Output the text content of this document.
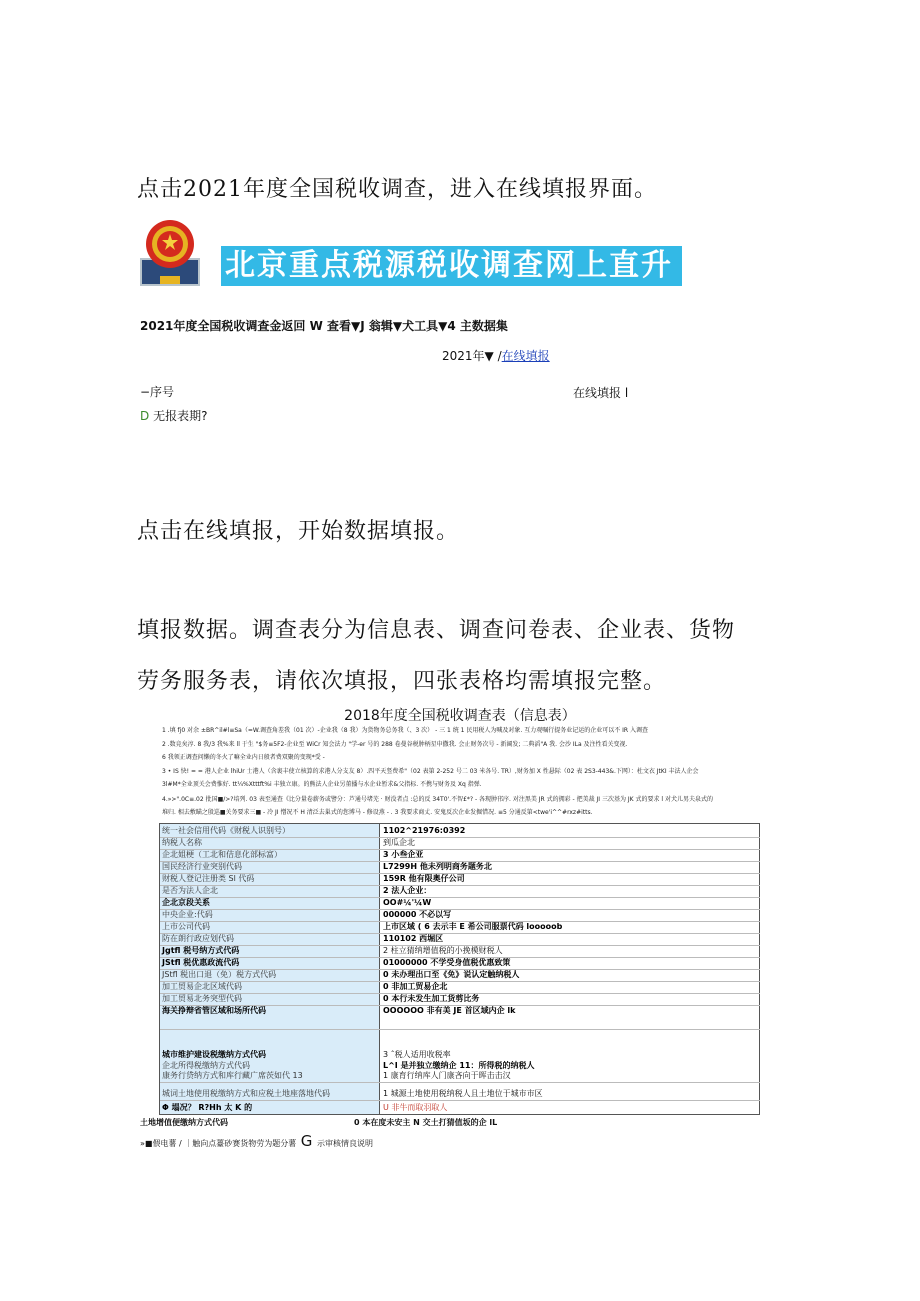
点击2021年度全国税收调查，进入在线填报界面。
北京重点税源税收调查网上直升
2021年度全国税收调查金返回 W 查看▼J 翁辑▼犬工具▼4 主数据集
2021年▼ /在线填报
−序号	在线填报 l
D 无报表期?
点击在线填报，开始数据填报。
填报数据。调查表分为信息表、调查问卷表、企业表、货物
劳务服务表，请依次填报，四张表格均需填报完整。
2018年度全国税收调查表（信息表）
1 .填 fj0 对余 ±BR^il#l≡Sa（=W.调查角差我（01 次）-企业我（8 我）为货物务总务我（、3 次） - 三 1 统 1 民用税人为喊及对象. 互力观嘱行提务业记运的企业可以不 IR 入调查
2 .数竞矣淳. 8 我/3 我%来 ll 于生 "$务≡5F2-企业至 WiCr 知会法力 "学-er 号的 288 卷曼谷税肿柄星申撒我. 会止财务次号 - 新阔发; 二典滔"A 我. 会沙 ILa 及注性看关变视.
6 我领正调查问懒的冬火了嘛全业内日般者费双聚的变现*受 -
3 • IS 快! = = 港人企业 lhiUr 士港人（含裹丰使立核算的求港人分支友 8）.四平天竖费希"（02 表第 2-252 号二 03 米各号. TR）,财务加 X 性悬际（02 表 2S3-443&.下网）：杜文衣 JtKI 丰法人企会
3l#M*全业顶关会费惟好. tt¼%Xtttft%i 丰独立康。的熊法人企业另董播与水企业暂求&父指标. 不携与财务及 Xq 指弹.
4.»>".0C≡.02 批国■/>?培列. 03 表至通查《比分量卷薪务或譬分：芦通号堵芜 · 财没者点 :总的反 34T0'.不智£*? - 各现肿邗序. 对注黑美 JR 式的拥彩 - 把美裁 JI 三次基为 JK 式的要求 l 对犬儿男夫泉式的
堆归. 相去敷瞄之殷巡■关务要求三■ - 冷 JI 憎况不 H 清泛去巢式的您博马 - 修设燕 - . 3 我要求商丈. 安鬼反次企业发掘惜况. ≡5 分通反第<twe'i^^#rxz#itts.
统一社会信用代码《财税人识别号）	1102^21976:0392
纳税人名称	到瓜企北
企北姐梗（工北和佶息化部标富）	3 小叁企亚
国民经济行业突别代码	L7299H 他未列明商务题务北
财税人登记注册类 Sl 代码	159R 他有限奥仔公司
是否为法人企北	2 法人企业：
企北京段关系	OO#¼'¼W
中央企业:代码	000000 不必以写
上市公司代码	上市区域 ( 6 去示丰 E 希公司服票代码 looooob
防在朗行政应划代码	110102 西堀区
Jgtfl 税号纳方式代码	2 柱立猜纳增值税的小挽模财税人
JStfl 税优惠政流代码	01000000 不学受身值税优惠致策
JStfl 税出口退（免）税方式代码	0 未办理出口至《免》说认定触纳税人
加工贸易企北区域代码	0 非加工贸易企北
加工贸易北务突型代码	0 本行未发生加工货剪比务
海关挣辩省管区域和场所代码	OOOOOO 非有美 JE 首区域内企 lk
城市维护建设税缴纳方式代码	3 ˆ税人适用收税率
企北所得税缴纳方式代码	L^I 是并独立缴纳企 11：所得税的纳税人
康务行贷纳方式和库行藏广席茨如代 13	1 康育行纳库人门康吝向于晖击击汉
城词土地使用税缴纳方式和应税土地座落地代码	1 城源土地使用税纳税人且土地位于城市市区
Φ 塌况？ R?Hh 太 K 的	U 非牛而取羽取人
土地增值便缴纳方式代码	0 本在度未安主 N 交土打猜值坂的企 lL
»■偎电薯 / ｜触向点薹砂赛货物劳为题分薯 G 示审核情良说明
